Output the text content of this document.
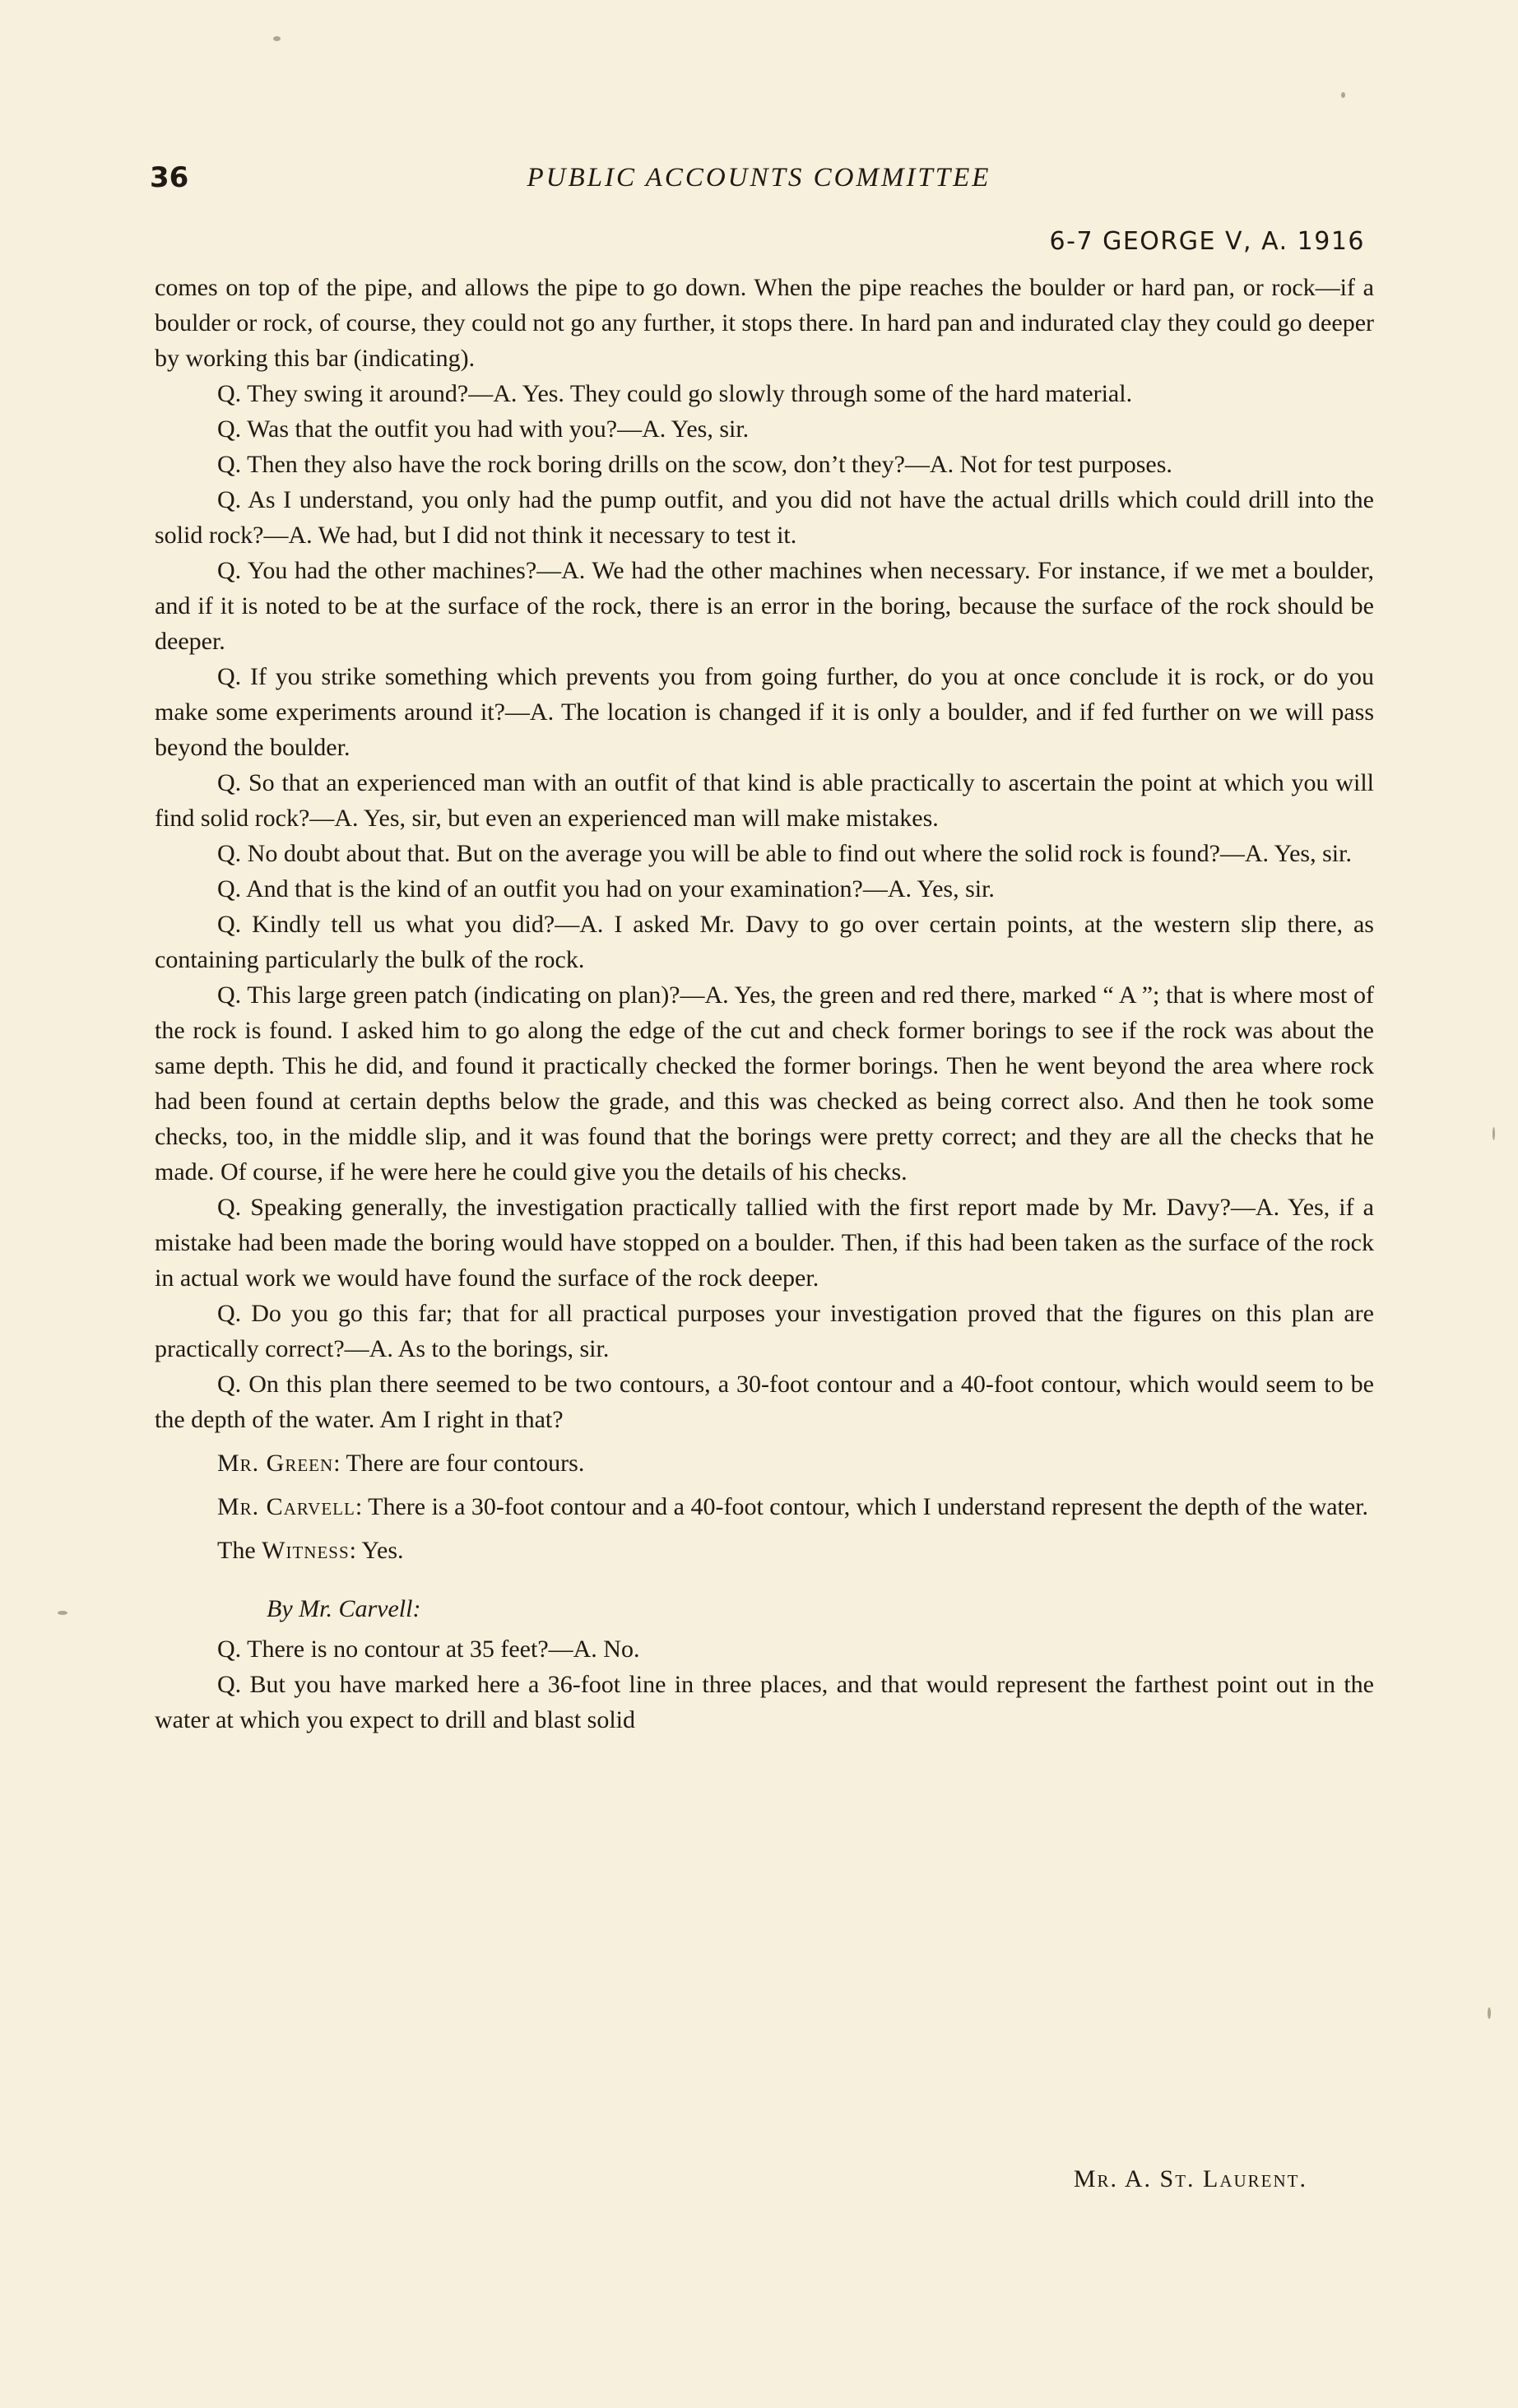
36	PUBLIC ACCOUNTS COMMITTEE
6-7 GEORGE V, A. 1916

comes on top of the pipe, and allows the pipe to go down. When the pipe reaches the boulder or hard pan, or rock—if a boulder or rock, of course, they could not go any further, it stops there. In hard pan and indurated clay they could go deeper by working this bar (indicating).

Q. They swing it around?—A. Yes. They could go slowly through some of the hard material.

Q. Was that the outfit you had with you?—A. Yes, sir.

Q. Then they also have the rock boring drills on the scow, don’t they?—A. Not for test purposes.

Q. As I understand, you only had the pump outfit, and you did not have the actual drills which could drill into the solid rock?—A. We had, but I did not think it necessary to test it.

Q. You had the other machines?—A. We had the other machines when necessary. For instance, if we met a boulder, and if it is noted to be at the surface of the rock, there is an error in the boring, because the surface of the rock should be deeper.

Q. If you strike something which prevents you from going further, do you at once conclude it is rock, or do you make some experiments around it?—A. The location is changed if it is only a boulder, and if fed further on we will pass beyond the boulder.

Q. So that an experienced man with an outfit of that kind is able practically to ascertain the point at which you will find solid rock?—A. Yes, sir, but even an experienced man will make mistakes.

Q. No doubt about that. But on the average you will be able to find out where the solid rock is found?—A. Yes, sir.

Q. And that is the kind of an outfit you had on your examination?—A. Yes, sir.

Q. Kindly tell us what you did?—A. I asked Mr. Davy to go over certain points, at the western slip there, as containing particularly the bulk of the rock.

Q. This large green patch (indicating on plan)?—A. Yes, the green and red there, marked “ A ”; that is where most of the rock is found. I asked him to go along the edge of the cut and check former borings to see if the rock was about the same depth. This he did, and found it practically checked the former borings. Then he went beyond the area where rock had been found at certain depths below the grade, and this was checked as being correct also. And then he took some checks, too, in the middle slip, and it was found that the borings were pretty correct; and they are all the checks that he made. Of course, if he were here he could give you the details of his checks.

Q. Speaking generally, the investigation practically tallied with the first report made by Mr. Davy?—A. Yes, if a mistake had been made the boring would have stopped on a boulder. Then, if this had been taken as the surface of the rock in actual work we would have found the surface of the rock deeper.

Q. Do you go this far; that for all practical purposes your investigation proved that the figures on this plan are practically correct?—A. As to the borings, sir.

Q. On this plan there seemed to be two contours, a 30-foot contour and a 40-foot contour, which would seem to be the depth of the water. Am I right in that?

Mr. Green: There are four contours.

Mr. Carvell: There is a 30-foot contour and a 40-foot contour, which I understand represent the depth of the water.

The Witness: Yes.

By Mr. Carvell:

Q. There is no contour at 35 feet?—A. No.

Q. But you have marked here a 36-foot line in three places, and that would represent the farthest point out in the water at which you expect to drill and blast solid

Mr. A. St. Laurent.
